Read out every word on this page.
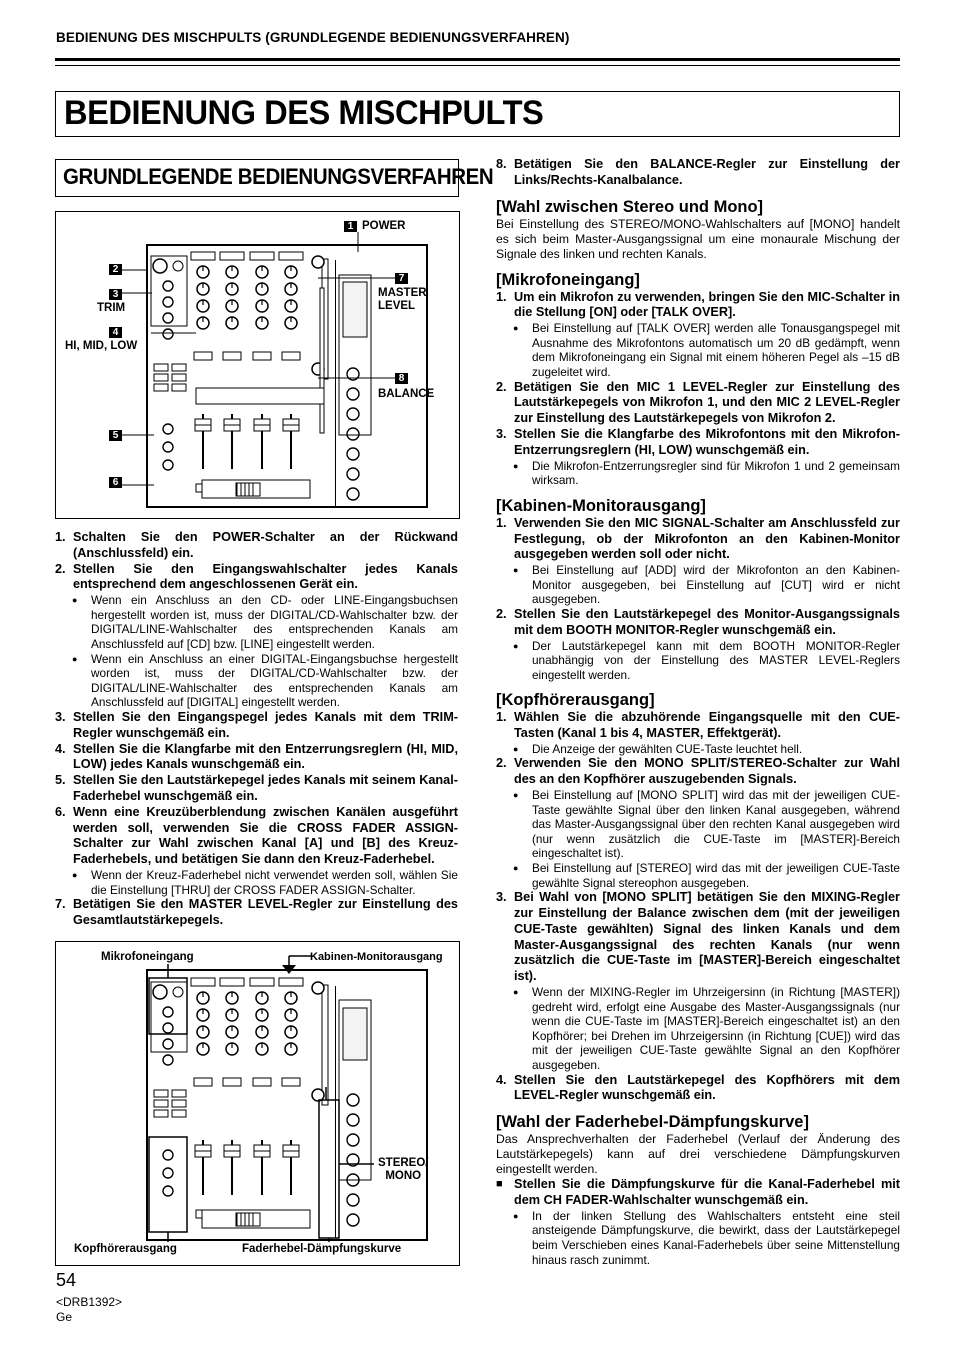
BEDIENUNG DES MISCHPULTS (GRUNDLEGENDE BEDIENUNGSVERFAHREN)
BEDIENUNG DES MISCHPULTS
GRUNDLEGENDE BEDIENUNGSVERFAHREN
1 POWER
2
3
TRIM
4
HI, MID, LOW
5
6
7
MASTER
LEVEL
8
BALANCE

1. Schalten Sie den POWER-Schalter an der Rückwand (Anschlussfeld) ein.

2. Stellen Sie den Eingangswahlschalter jedes Kanals entsprechend dem angeschlossenen Gerät ein.

● Wenn ein Anschluss an den CD- oder LINE-Eingangsbuchsen hergestellt worden ist, muss der DIGITAL/CD-Wahlschalter bzw. der DIGITAL/LINE-Wahlschalter des entsprechenden Kanals am Anschlussfeld auf [CD] bzw. [LINE] eingestellt werden.

● Wenn ein Anschluss an einer DIGITAL-Eingangsbuchse hergestellt worden ist, muss der DIGITAL/CD-Wahlschalter bzw. der DIGITAL/LINE-Wahlschalter des entsprechenden Kanals am Anschlussfeld auf [DIGITAL] eingestellt werden.

3. Stellen Sie den Eingangspegel jedes Kanals mit dem TRIM-Regler wunschgemäß ein.

4. Stellen Sie die Klangfarbe mit den Entzerrungsreglern (HI, MID, LOW) jedes Kanals wunschgemäß ein.

5. Stellen Sie den Lautstärkepegel jedes Kanals mit seinem Kanal-Faderhebel wunschgemäß ein.

6. Wenn eine Kreuzüberblendung zwischen Kanälen ausgeführt werden soll, verwenden Sie die CROSS FADER ASSIGN-Schalter zur Wahl zwischen Kanal [A] und [B] des Kreuz-Faderhebels, und betätigen Sie dann den Kreuz-Faderhebel.

● Wenn der Kreuz-Faderhebel nicht verwendet werden soll, wählen Sie die Einstellung [THRU] der CROSS FADER ASSIGN-Schalter.

7. Betätigen Sie den MASTER LEVEL-Regler zur Einstellung des Gesamtlautstärkepegels.

Mikrofoneingang	Kabinen-Monitorausgang
STEREO/
MONO
Kopfhörerausgang	Faderhebel-Dämpfungskurve

8. Betätigen Sie den BALANCE-Regler zur Einstellung der Links/Rechts-Kanalbalance.

[Wahl zwischen Stereo und Mono]

Bei Einstellung des STEREO/MONO-Wahlschalters auf [MONO] handelt es sich beim Master-Ausgangssignal um eine monaurale Mischung der Signale des linken und rechten Kanals.

[Mikrofoneingang]

1. Um ein Mikrofon zu verwenden, bringen Sie den MIC-Schalter in die Stellung [ON] oder [TALK OVER].

● Bei Einstellung auf [TALK OVER] werden alle Tonausgangspegel mit Ausnahme des Mikrofontons automatisch um 20 dB gedämpft, wenn dem Mikrofoneingang ein Signal mit einem höheren Pegel als –15 dB zugeleitet wird.

2. Betätigen Sie den MIC 1 LEVEL-Regler zur Einstellung des Lautstärkepegels von Mikrofon 1, und den MIC 2 LEVEL-Regler zur Einstellung des Lautstärkepegels von Mikrofon 2.

3. Stellen Sie die Klangfarbe des Mikrofontons mit den Mikrofon-Entzerrungsreglern (HI, LOW) wunschgemäß ein.

● Die Mikrofon-Entzerrungsregler sind für Mikrofon 1 und 2 gemeinsam wirksam.

[Kabinen-Monitorausgang]

1. Verwenden Sie den MIC SIGNAL-Schalter am Anschlussfeld zur Festlegung, ob der Mikrofonton an den Kabinen-Monitor ausgegeben werden soll oder nicht.

● Bei Einstellung auf [ADD] wird der Mikrofonton an den Kabinen-Monitor ausgegeben, bei Einstellung auf [CUT] wird er nicht ausgegeben.

2. Stellen Sie den Lautstärkepegel des Monitor-Ausgangssignals mit dem BOOTH MONITOR-Regler wunschgemäß ein.

● Der Lautstärkepegel kann mit dem BOOTH MONITOR-Regler unabhängig von der Einstellung des MASTER LEVEL-Reglers eingestellt werden.

[Kopfhörerausgang]

1. Wählen Sie die abzuhörende Eingangsquelle mit den CUE-Tasten (Kanal 1 bis 4, MASTER, Effektgerät).

● Die Anzeige der gewählten CUE-Taste leuchtet hell.

2. Verwenden Sie den MONO SPLIT/STEREO-Schalter zur Wahl des an den Kopfhörer auszugebenden Signals.

● Bei Einstellung auf [MONO SPLIT] wird das mit der jeweiligen CUE-Taste gewählte Signal über den linken Kanal ausgegeben, während das Master-Ausgangssignal über den rechten Kanal ausgegeben wird (nur wenn zusätzlich die CUE-Taste im [MASTER]-Bereich eingeschaltet ist).

● Bei Einstellung auf [STEREO] wird das mit der jeweiligen CUE-Taste gewählte Signal stereophon ausgegeben.

3. Bei Wahl von [MONO SPLIT] betätigen Sie den MIXING-Regler zur Einstellung der Balance zwischen dem (mit der jeweiligen CUE-Taste gewählten) Signal des linken Kanals und dem Master-Ausgangssignal des rechten Kanals (nur wenn zusätzlich die CUE-Taste im [MASTER]-Bereich eingeschaltet ist).

● Wenn der MIXING-Regler im Uhrzeigersinn (in Richtung [MASTER]) gedreht wird, erfolgt eine Ausgabe des Master-Ausgangssignals (nur wenn die CUE-Taste im [MASTER]-Bereich eingeschaltet ist) an den Kopfhörer; bei Drehen im Uhrzeigersinn (in Richtung [CUE]) wird das mit der jeweiligen CUE-Taste gewählte Signal an den Kopfhörer ausgegeben.

4. Stellen Sie den Lautstärkepegel des Kopfhörers mit dem LEVEL-Regler wunschgemäß ein.

[Wahl der Faderhebel-Dämpfungskurve]

Das Ansprechverhalten der Faderhebel (Verlauf der Änderung des Lautstärkepegels) kann auf drei verschiedene Dämpfungskurven eingestellt werden.

■ Stellen Sie die Dämpfungskurve für die Kanal-Faderhebel mit dem CH FADER-Wahlschalter wunschgemäß ein.

● In der linken Stellung des Wahlschalters entsteht eine steil ansteigende Dämpfungskurve, die bewirkt, dass der Lautstärkepegel beim Verschieben eines Kanal-Faderhebels über seine Mittenstellung hinaus rasch zunimmt.

54
<DRB1392>
Ge
